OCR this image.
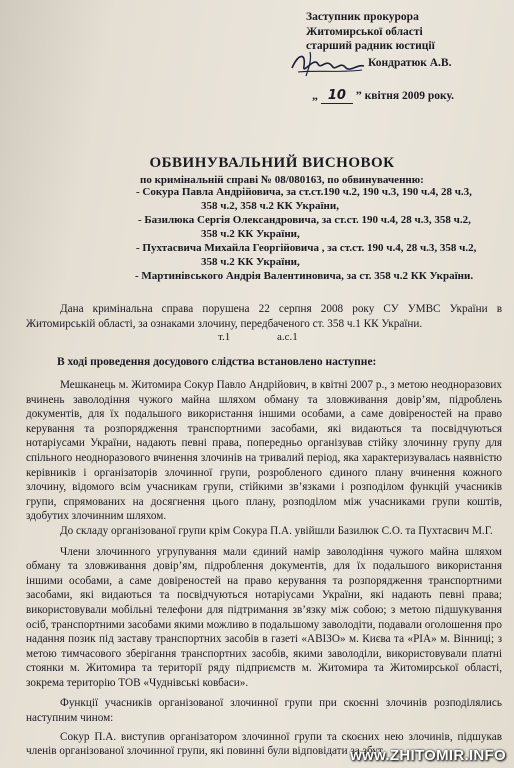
Заступник прокурора
Житомирської області
старший радник юстиції
Кондратюк А.В.
„ 10 ” квітня 2009 року.
ОБВИНУВАЛЬНИЙ ВИСНОВОК
по кримінальній справі № 08/080163, по обвинуваченню:
- Сокура Павла Андрійовича, за ст.ст.190 ч.2, 190 ч.3, 190 ч.4, 28 ч.3,
358 ч.2, 358 ч.2 КК України,
- Базилюка Сергія Олександровича, за ст.ст. 190 ч.4, 28 ч.3, 358 ч.2,
358 ч.2 КК України,
- Пухтасвича Михайла Георгійовича , за ст.ст. 190 ч.4, 28 ч.3, 358 ч.2,
358 ч.2 КК України,
- Мартинівського Андрія Валентиновича, за ст. 358 ч.2 КК України.

Дана кримінальна справа порушена 22 серпня 2008 року СУ УМВС України в Житомирській області, за ознаками злочину, передбаченого ст. 358 ч.1 КК України.

т.1	а.с.1
В ході проведення досудового слідства встановлено наступне:

Мешканець м. Житомира Сокур Павло Андрійович, в квітні 2007 р., з метою неодноразових вчинень заволодіння чужого майна шляхом обману та зловживання довір’ям, підроблень документів, для їх подальшого використання іншими особами, а саме довіреностей на право керування та розпорядження транспортними засобами, які видаються та посвідчуються нотаріусами України, надають певні права, попередньо організував стійку злочинну групу для спільного неодноразового вчинення злочинів на тривалий період, яка характеризувалась наявністю керівників і організаторів злочинної групи, розробленого єдиного плану вчинення кожного злочину, відомого всім учасникам групи, стійкими зв’язками і розподілом функцій учасників групи, спрямованих на досягнення цього плану, розподілом між учасниками групи коштів, здобутих злочинним шляхом.

До складу організованої групи крім Сокура П.А. увійшли Базилюк С.О. та Пухтасвич М.Г.

Члени злочинного угрупування мали єдиний намір заволодіння чужого майна шляхом обману та зловживання довір’ям, підроблення документів, для їх подальшого використання іншими особами, а саме довіреностей на право керування та розпорядження транспортними засобами, які видаються та посвідчуються нотаріусами України, які надають певні права; використовували мобільні телефони для підтримання зв’язку між собою; з метою підшукування осіб, транспортними засобами якими можливо в подальшому заволодіти, подавали оголошення про надання позик під заставу транспортних засобів в газеті «АВІЗО» м. Києва та «РІА» м. Вінниці; з метою тимчасового зберігання транспортних засобів, якими заволоділи, використовували платні стоянки м. Житомира та території ряду підприємств м. Житомира та Житомирської області, зокрема територію ТОВ «Чуднівські ковбаси».

Функції учасників організованої злочинної групи при скоєнні злочинів розподілялись наступним чином:

Сокур П.А. виступив організатором злочинної групи та скоєних нею злочинів, підшукав членів організованої злочинної групи, які повинні були відповідати за збут

www.ZHITOMIR.INFO
